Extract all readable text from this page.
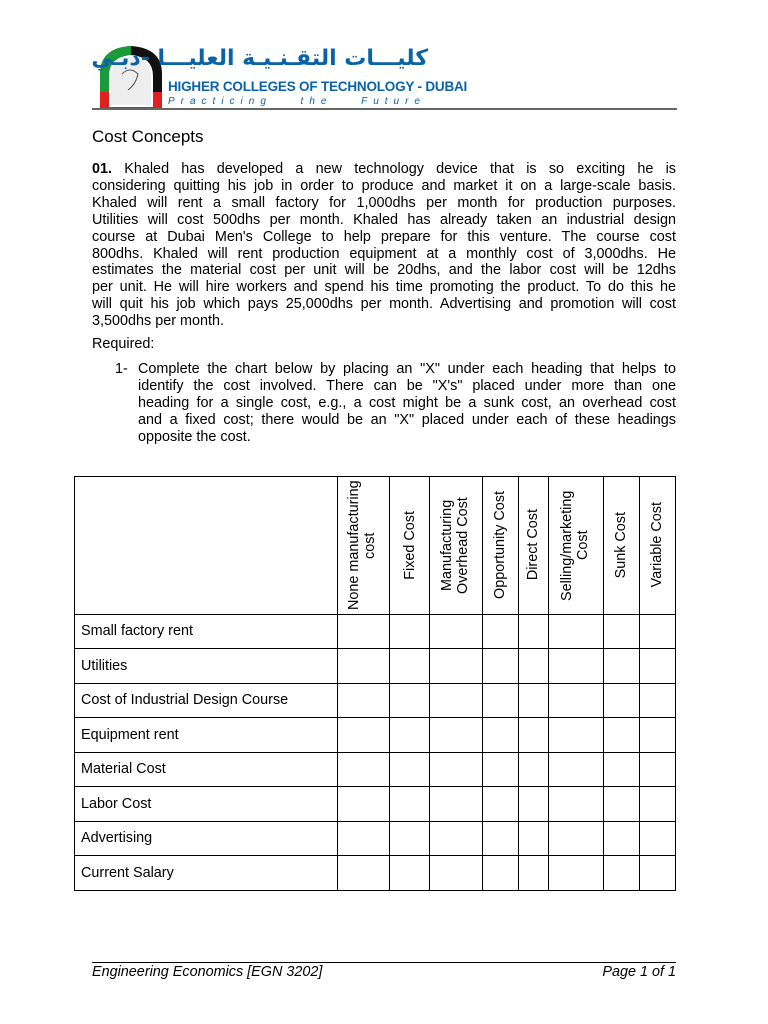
كليـــات التقـنـيـة العليـــا -دبـي
HIGHER COLLEGES OF TECHNOLOGY - DUBAI
Practicing	the	Future
Cost Concepts
01. Khaled has developed a new technology device that is so exciting he is
considering quitting his job in order to produce and market it on a large-scale basis.
Khaled will rent a small factory for 1,000dhs per month for production purposes.
Utilities will cost 500dhs per month. Khaled has already taken an industrial design
course at Dubai Men's College to help prepare for this venture. The course cost
800dhs. Khaled will rent production equipment at a monthly cost of 3,000dhs. He
estimates the material cost per unit will be 20dhs, and the labor cost will be 12dhs
per unit. He will hire workers and spend his time promoting the product. To do this he
will quit his job which pays 25,000dhs per month. Advertising and promotion will cost
3,500dhs per month.
Required:
1- Complete the chart below by placing an "X" under each heading that helps to
identify the cost involved. There can be "X's" placed under more than one
heading for a single cost, e.g., a cost might be a sunk cost, an overhead cost
and a fixed cost; there would be an "X" placed under each of these headings
opposite the cost.

	None manufacturing cost	Fixed Cost	Manufacturing Overhead Cost	Opportunity Cost	Direct Cost	Selling/marketing Cost	Sunk Cost	Variable Cost

Small factory rent								
Utilities								
Cost of Industrial Design Course								
Equipment rent								
Material Cost								
Labor Cost								
Advertising								
Current Salary								
Engineering Economics [EGN 3202]	Page 1 of 1
